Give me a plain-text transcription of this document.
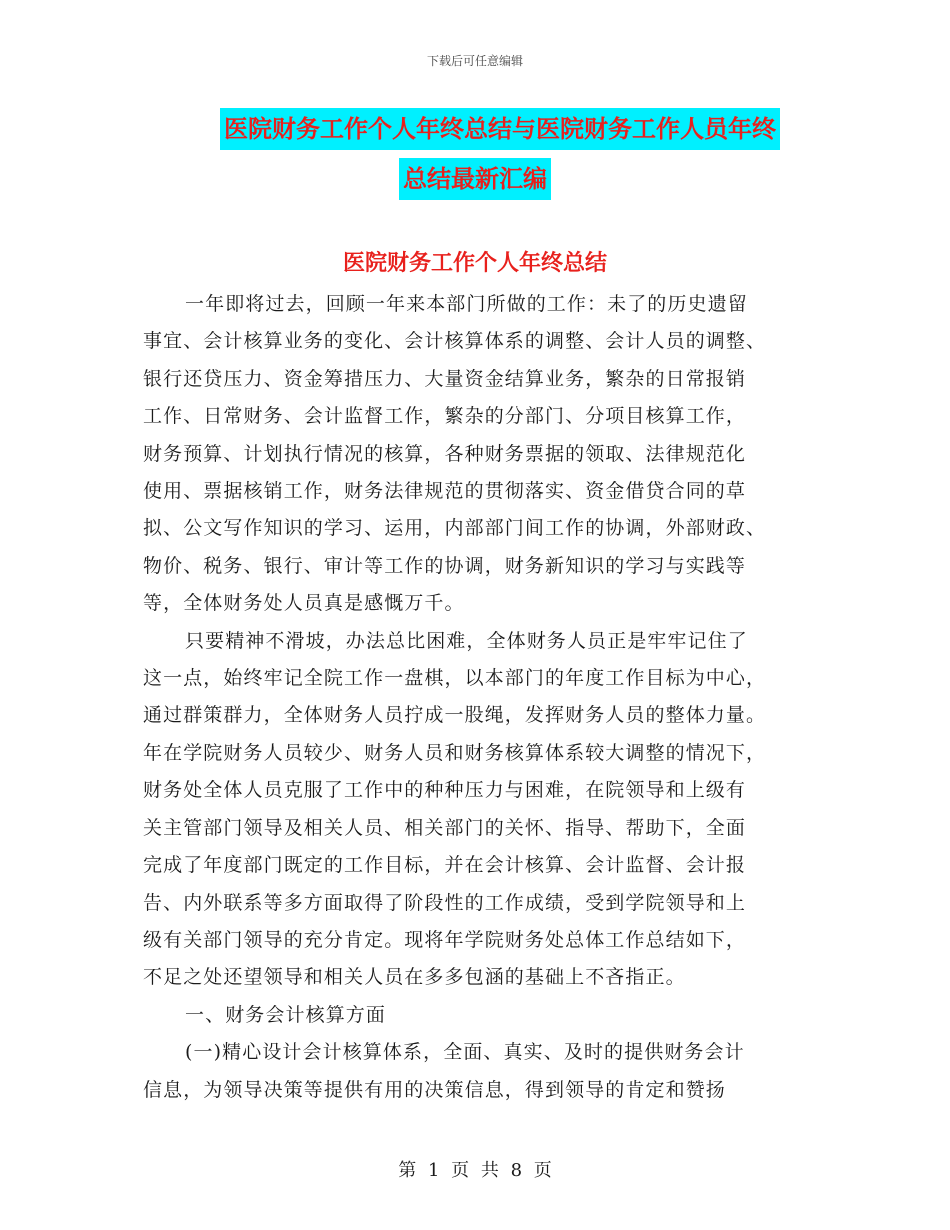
下载后可任意编辑
医院财务工作个人年终总结与医院财务工作人员年终
总结最新汇编
医院财务工作个人年终总结
一年即将过去，回顾一年来本部门所做的工作：未了的历史遗留
事宜、会计核算业务的变化、会计核算体系的调整、会计人员的调整、
银行还贷压力、资金筹措压力、大量资金结算业务，繁杂的日常报销
工作、日常财务、会计监督工作，繁杂的分部门、分项目核算工作，
财务预算、计划执行情况的核算，各种财务票据的领取、法律规范化
使用、票据核销工作，财务法律规范的贯彻落实、资金借贷合同的草
拟、公文写作知识的学习、运用，内部部门间工作的协调，外部财政、
物价、税务、银行、审计等工作的协调，财务新知识的学习与实践等
等，全体财务处人员真是感慨万千。
只要精神不滑坡，办法总比困难，全体财务人员正是牢牢记住了
这一点，始终牢记全院工作一盘棋，以本部门的年度工作目标为中心，
通过群策群力，全体财务人员拧成一股绳，发挥财务人员的整体力量。
年在学院财务人员较少、财务人员和财务核算体系较大调整的情况下，
财务处全体人员克服了工作中的种种压力与困难，在院领导和上级有
关主管部门领导及相关人员、相关部门的关怀、指导、帮助下，全面
完成了年度部门既定的工作目标，并在会计核算、会计监督、会计报
告、内外联系等多方面取得了阶段性的工作成绩，受到学院领导和上
级有关部门领导的充分肯定。现将年学院财务处总体工作总结如下，
不足之处还望领导和相关人员在多多包涵的基础上不吝指正。
一、财务会计核算方面
(一)精心设计会计核算体系，全面、真实、及时的提供财务会计
信息，为领导决策等提供有用的决策信息，得到领导的肯定和赞扬
第 1 页 共 8 页
